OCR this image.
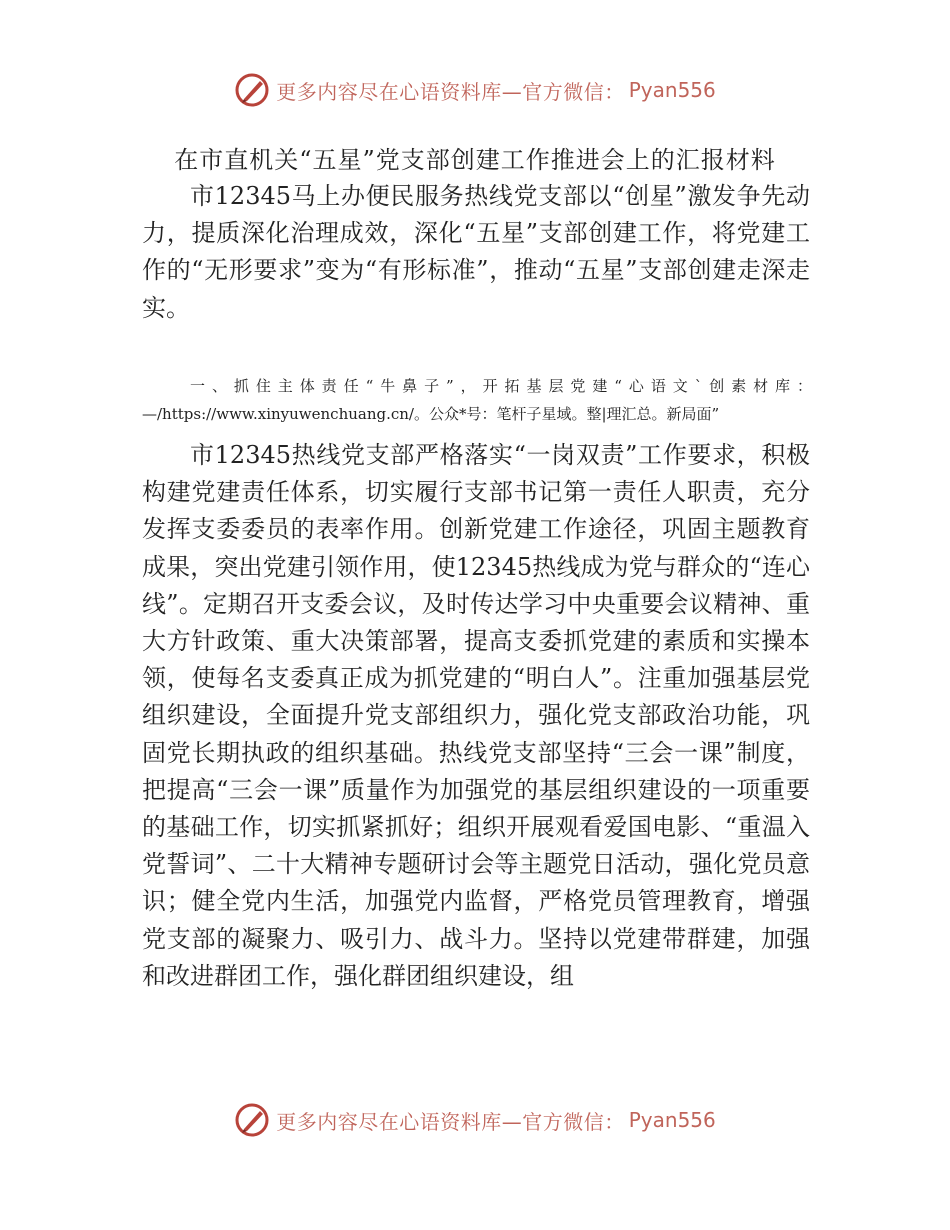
更多内容尽在心语资料库—官方微信： Pyan556
在市直机关“五星”党支部创建工作推进会上的汇报材料

市12345马上办便民服务热线党支部以“创星”激发争先动力，提质深化治理成效，深化“五星”支部创建工作，将党建工作的“无形要求”变为“有形标准”，推动“五星”支部创建走深走实。

一、抓住主体责任“牛鼻子”，开拓基层党建“心语文`创素材库：—/https://www.xinyuwenchuang.cn/。公众*号：笔杆子星域。整|理汇总。新局面”

市12345热线党支部严格落实“一岗双责”工作要求，积极构建党建责任体系，切实履行支部书记第一责任人职责，充分发挥支委委员的表率作用。创新党建工作途径，巩固主题教育成果，突出党建引领作用，使12345热线成为党与群众的“连心线”。定期召开支委会议，及时传达学习中央重要会议精神、重大方针政策、重大决策部署，提高支委抓党建的素质和实操本领，使每名支委真正成为抓党建的“明白人”。注重加强基层党组织建设，全面提升党支部组织力，强化党支部政治功能，巩固党长期执政的组织基础。热线党支部坚持“三会一课”制度，把提高“三会一课”质量作为加强党的基层组织建设的一项重要的基础工作，切实抓紧抓好；组织开展观看爱国电影、“重温入党誓词”、二十大精神专题研讨会等主题党日活动，强化党员意识；健全党内生活，加强党内监督，严格党员管理教育，增强党支部的凝聚力、吸引力、战斗力。坚持以党建带群建，加强和改进群团工作，强化群团组织建设，组

更多内容尽在心语资料库—官方微信： Pyan556
